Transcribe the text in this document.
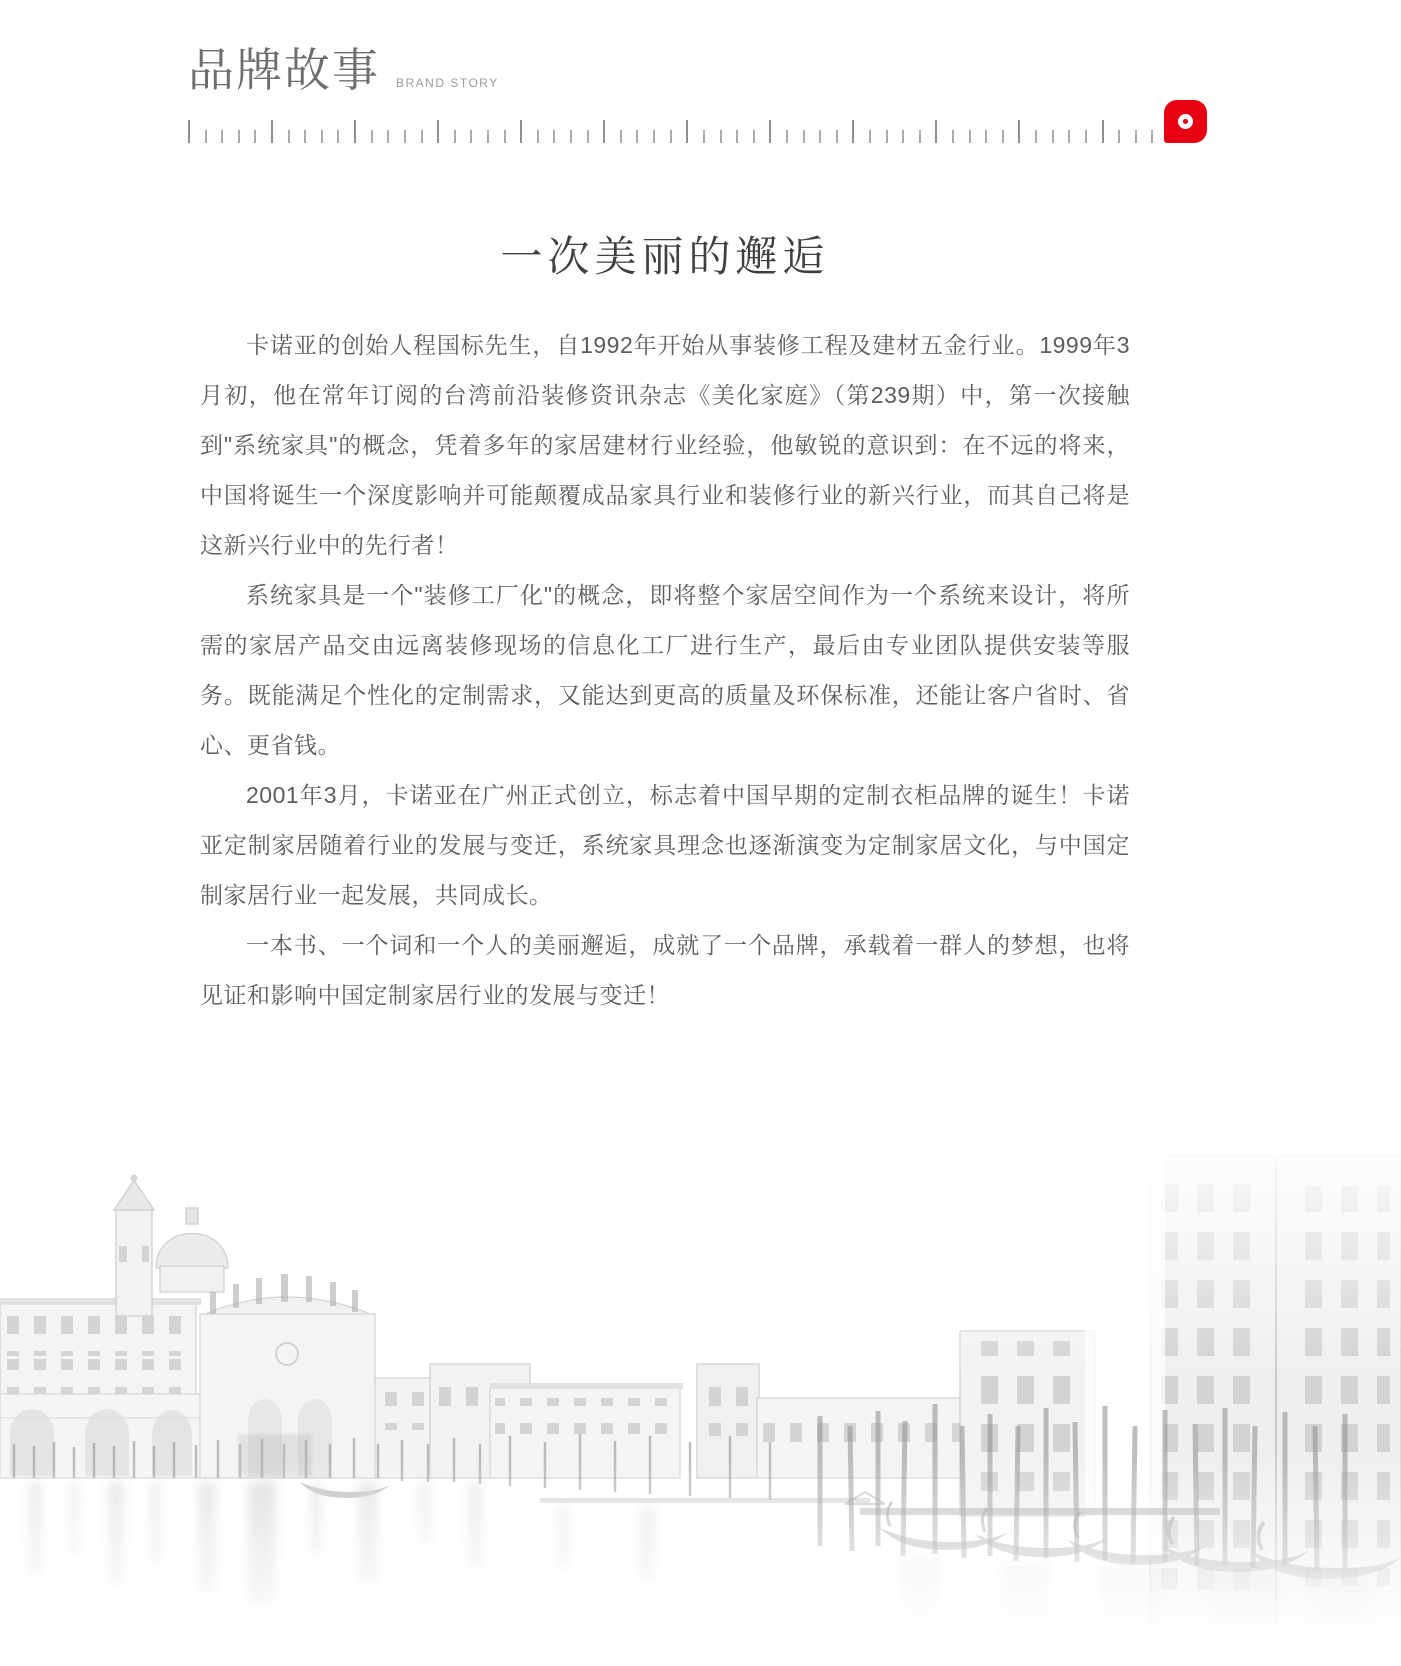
品牌故事 BRAND STORY
一次美丽的邂逅

卡诺亚的创始人程国标先生，自1992年开始从事装修工程及建材五金行业。1999年3月初，他在常年订阅的台湾前沿装修资讯杂志《美化家庭》（第239期）中，第一次接触到"系统家具"的概念，凭着多年的家居建材行业经验，他敏锐的意识到：在不远的将来，中国将诞生一个深度影响并可能颠覆成品家具行业和装修行业的新兴行业，而其自己将是这新兴行业中的先行者！

系统家具是一个"装修工厂化"的概念，即将整个家居空间作为一个系统来设计，将所需的家居产品交由远离装修现场的信息化工厂进行生产，最后由专业团队提供安装等服务。既能满足个性化的定制需求，又能达到更高的质量及环保标准，还能让客户省时、省心、更省钱。

2001年3月，卡诺亚在广州正式创立，标志着中国早期的定制衣柜品牌的诞生！卡诺亚定制家居随着行业的发展与变迁，系统家具理念也逐渐演变为定制家居文化，与中国定制家居行业一起发展，共同成长。

一本书、一个词和一个人的美丽邂逅，成就了一个品牌，承载着一群人的梦想，也将见证和影响中国定制家居行业的发展与变迁！
